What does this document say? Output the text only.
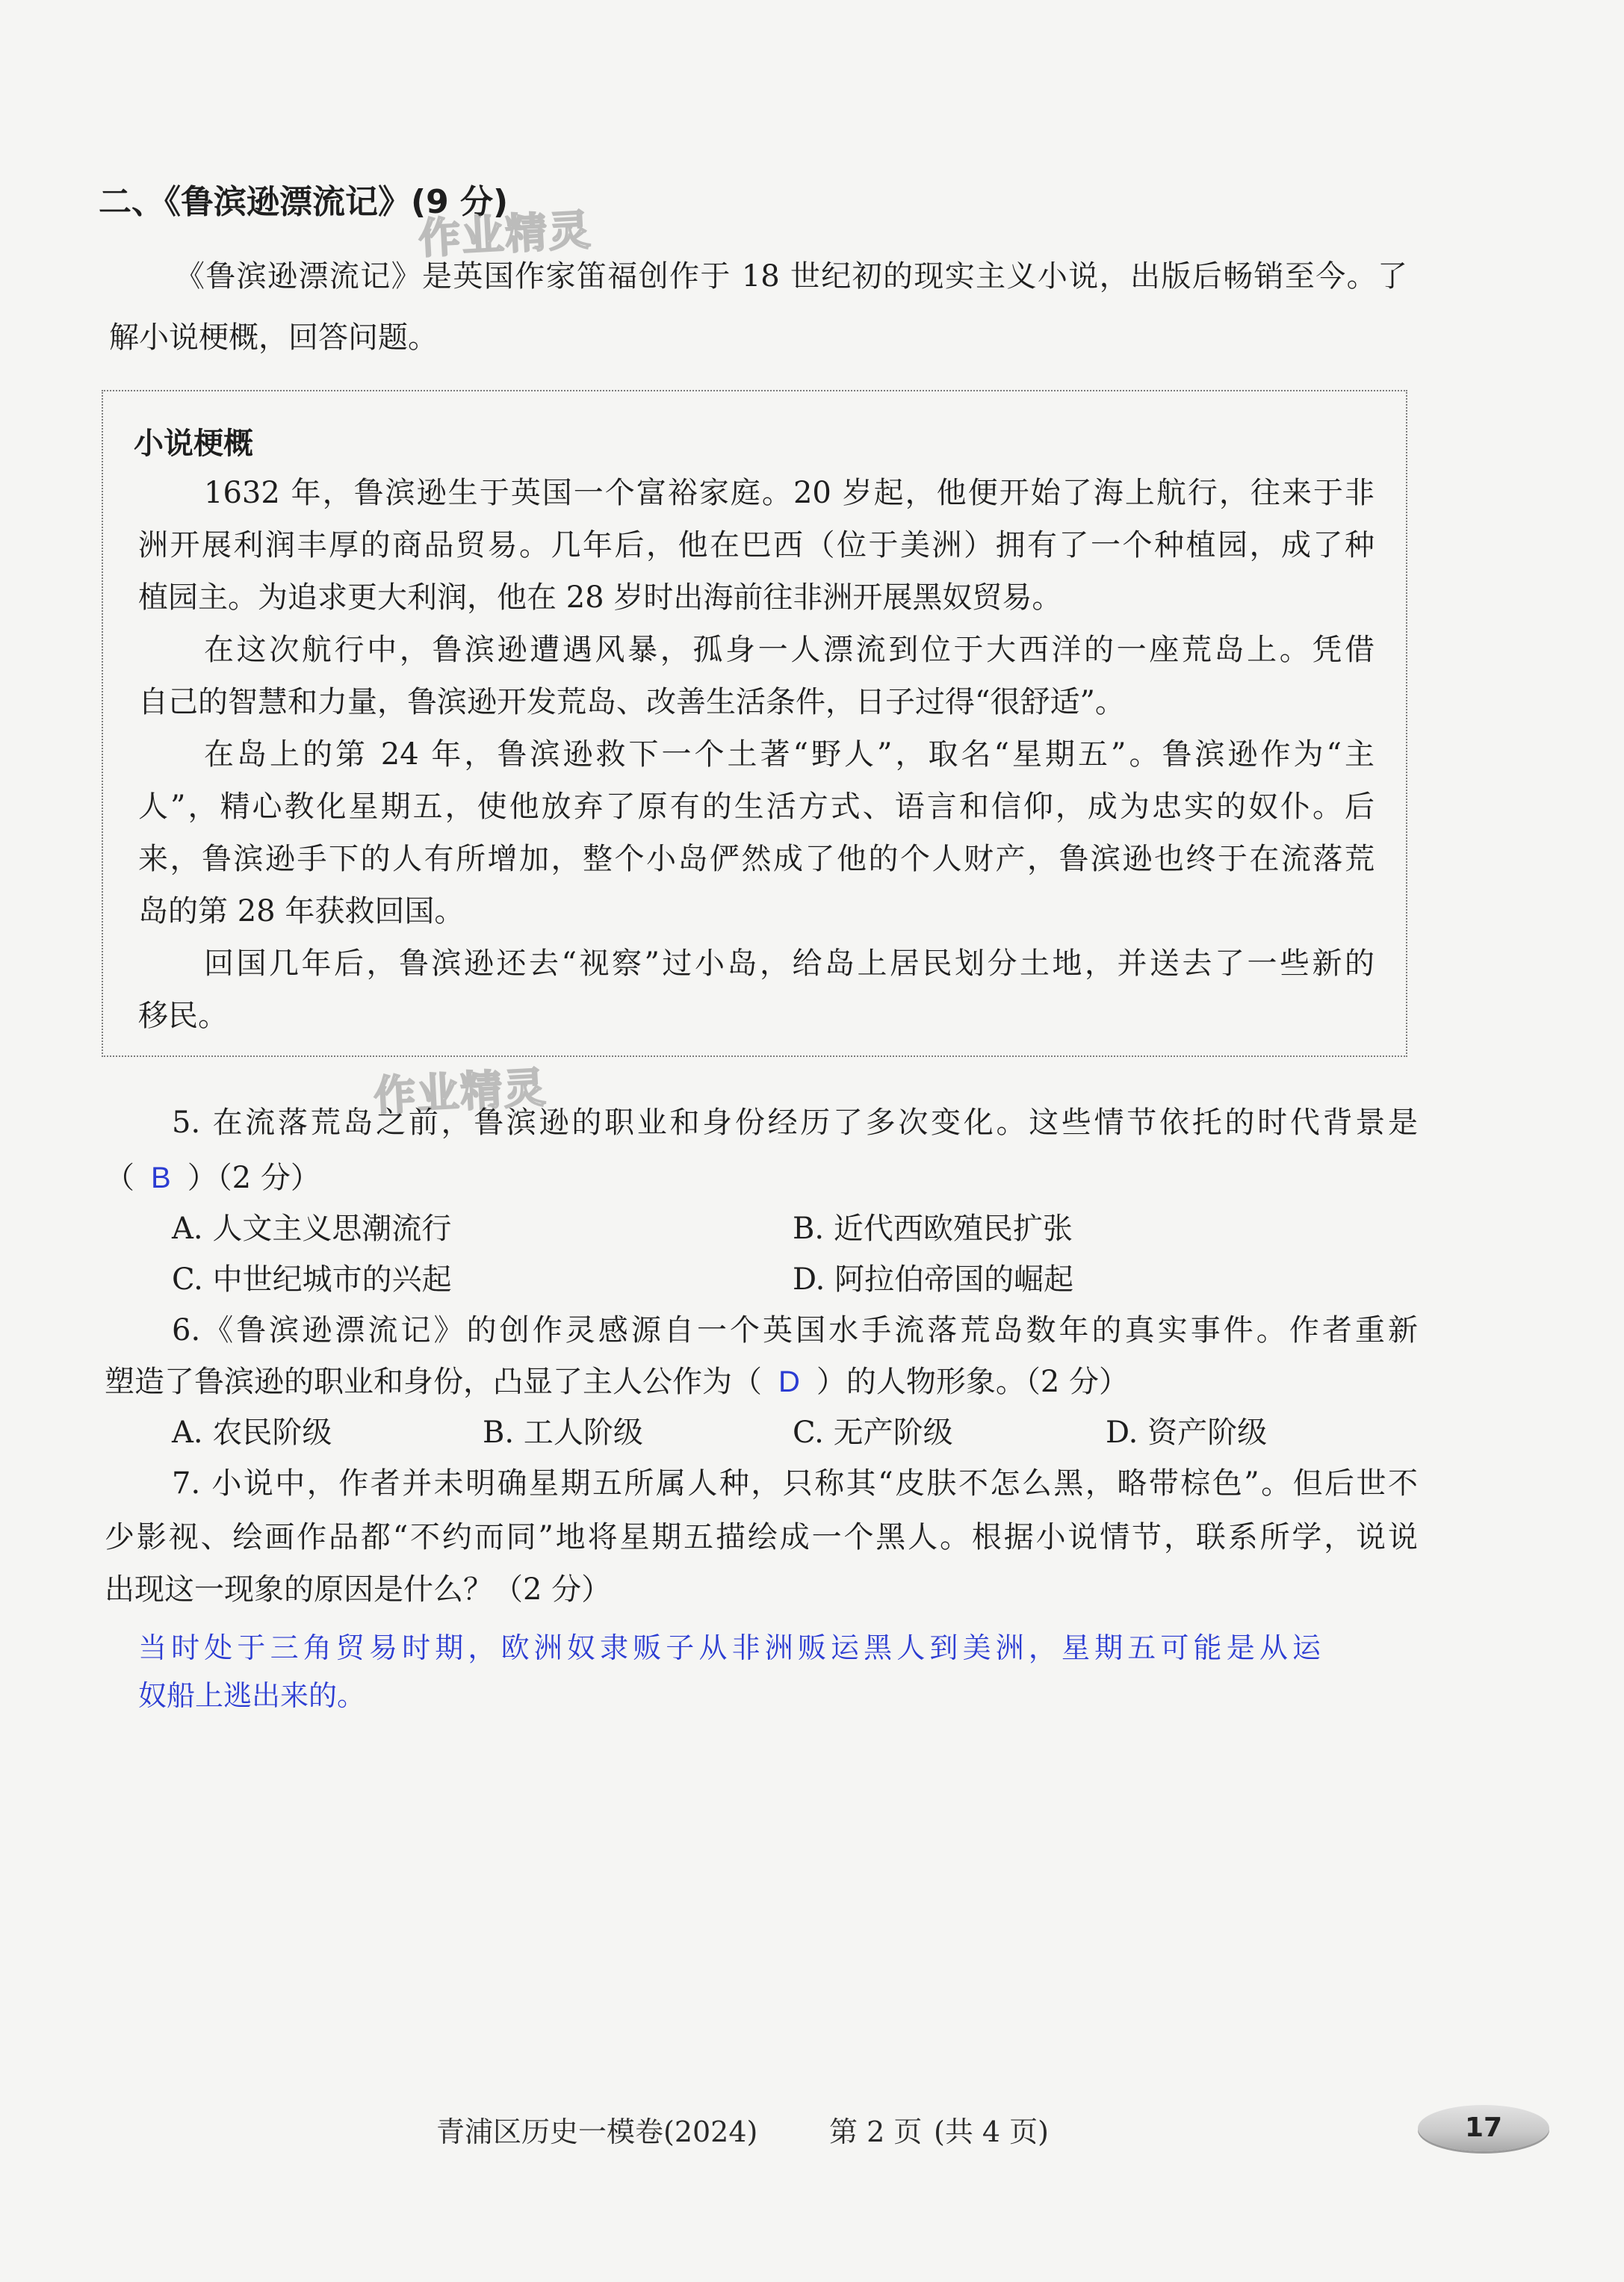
二、《鲁滨逊漂流记》(9 分)
作业精灵
《鲁滨逊漂流记》是英国作家笛福创作于 18 世纪初的现实主义小说，出版后畅销至今。了
解小说梗概，回答问题。
小说梗概
1632 年，鲁滨逊生于英国一个富裕家庭。20 岁起，他便开始了海上航行，往来于非
洲开展利润丰厚的商品贸易。几年后，他在巴西（位于美洲）拥有了一个种植园，成了种
植园主。为追求更大利润，他在 28 岁时出海前往非洲开展黑奴贸易。
在这次航行中，鲁滨逊遭遇风暴，孤身一人漂流到位于大西洋的一座荒岛上。凭借
自己的智慧和力量，鲁滨逊开发荒岛、改善生活条件，日子过得“很舒适”。
在岛上的第 24 年，鲁滨逊救下一个土著“野人”，取名“星期五”。鲁滨逊作为“主
人”，精心教化星期五，使他放弃了原有的生活方式、语言和信仰，成为忠实的奴仆。后
来，鲁滨逊手下的人有所增加，整个小岛俨然成了他的个人财产，鲁滨逊也终于在流落荒
岛的第 28 年获救回国。
回国几年后，鲁滨逊还去“视察”过小岛，给岛上居民划分土地，并送去了一些新的
移民。
作业精灵
5. 在流落荒岛之前，鲁滨逊的职业和身份经历了多次变化。这些情节依托的时代背景是
（ B ）（2 分）
A. 人文主义思潮流行	B. 近代西欧殖民扩张
C. 中世纪城市的兴起	D. 阿拉伯帝国的崛起
6.《鲁滨逊漂流记》的创作灵感源自一个英国水手流落荒岛数年的真实事件。作者重新
塑造了鲁滨逊的职业和身份，凸显了主人公作为（ D ）的人物形象。（2 分）
A. 农民阶级	B. 工人阶级	C. 无产阶级	D. 资产阶级
7. 小说中，作者并未明确星期五所属人种，只称其“皮肤不怎么黑，略带棕色”。但后世不
少影视、绘画作品都“不约而同”地将星期五描绘成一个黑人。根据小说情节，联系所学，说说
出现这一现象的原因是什么？（2 分）
当时处于三角贸易时期，欧洲奴隶贩子从非洲贩运黑人到美洲，星期五可能是从运
奴船上逃出来的。
青浦区历史一模卷(2024)	第 2 页 (共 4 页)	17
